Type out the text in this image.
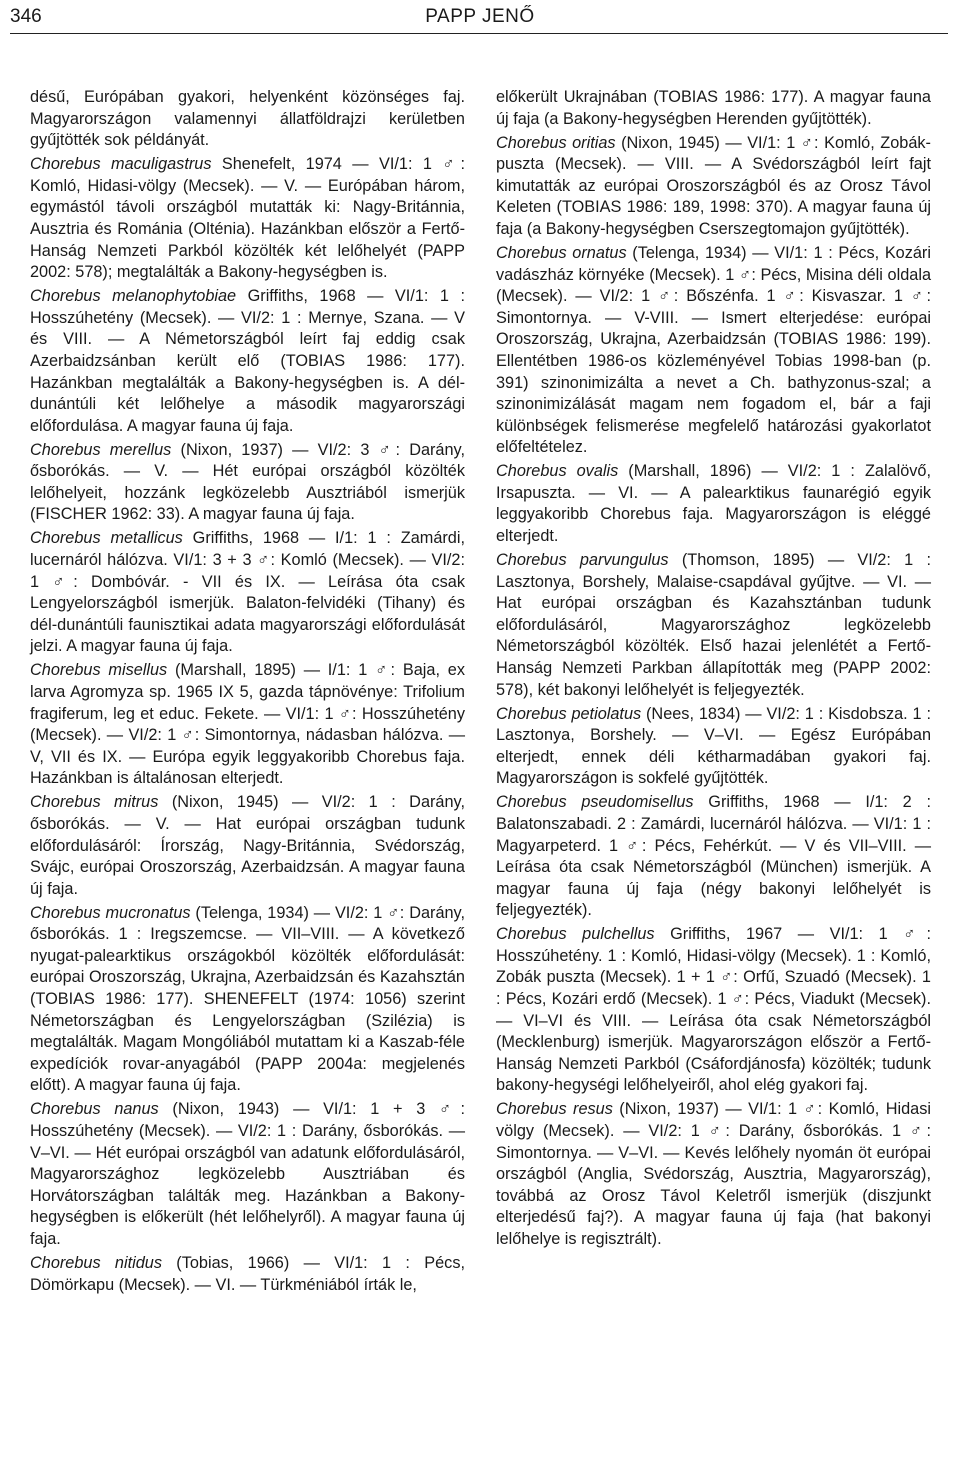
346	PAPP JENŐ

désű, Európában gyakori, helyenként közönséges faj. Magyarországon valamennyi állatföldrajzi kerületben gyűjtötték sok példányát.

Chorebus maculigastrus Shenefelt, 1974 — VI/1: 1 ♂: Komló, Hidasi-völgy (Mecsek). — V. — Európában három, egymástól távoli országból mutatták ki: Nagy-Británnia, Ausztria és Románia (Olténia). Hazánkban először a Fertő-Hanság Nemzeti Parkból közölték két lelőhelyét (PAPP 2002: 578); megtalálták a Bakony-hegységben is.

Chorebus melanophytobiae Griffiths, 1968 — VI/1: 1 : Hosszúhetény (Mecsek). — VI/2: 1 : Mernye, Szana. — V és VIII. — A Németországból leírt faj eddig csak Azerbaidzsánban került elő (TOBIAS 1986: 177). Hazánkban megtalálták a Bakony-hegységben is. A dél-dunántúli két lelőhelye a második magyarországi előfordulása. A magyar fauna új faja.

Chorebus merellus (Nixon, 1937) — VI/2: 3 ♂: Darány, ősborókás. — V. — Hét európai országból közölték lelőhelyeit, hozzánk legközelebb Ausztriából ismerjük (FISCHER 1962: 33). A magyar fauna új faja.

Chorebus metallicus Griffiths, 1968 — I/1: 1 : Zamárdi, lucernáról hálózva. VI/1: 3 + 3 ♂: Komló (Mecsek). — VI/2: 1 ♂: Dombóvár. - VII és IX. — Leírása óta csak Lengyelországból ismerjük. Balaton-felvidéki (Tihany) és dél-dunántúli faunisztikai adata magyarországi előfordulását jelzi. A magyar fauna új faja.

Chorebus misellus (Marshall, 1895) — I/1: 1 ♂: Baja, ex larva Agromyza sp. 1965 IX 5, gazda tápnövénye: Trifolium fragiferum, leg et educ. Fekete. — VI/1: 1 ♂: Hosszúhetény (Mecsek). — VI/2: 1 ♂: Simontornya, nádasban hálózva. — V, VII és IX. — Európa egyik leggyakoribb Chorebus faja. Hazánkban is általánosan elterjedt.

Chorebus mitrus (Nixon, 1945) — VI/2: 1 : Darány, ősborókás. — V. — Hat európai országban tudunk előfordulásáról: Írország, Nagy-Británnia, Svédország, Svájc, európai Oroszország, Azerbaidzsán. A magyar fauna új faja.

Chorebus mucronatus (Telenga, 1934) — VI/2: 1 ♂: Darány, ősborókás. 1 : Iregszemcse. — VII–VIII. — A következő nyugat-palearktikus országokból közölték előfordulását: európai Oroszország, Ukrajna, Azerbaidzsán és Kazahsztán (TOBIAS 1986: 177). SHENEFELT (1974: 1056) szerint Németországban és Lengyelországban (Szilézia) is megtalálták. Magam Mongóliából mutattam ki a Kaszab-féle expedíciók rovar-anyagából (PAPP 2004a: megjelenés előtt). A magyar fauna új faja.

Chorebus nanus (Nixon, 1943) — VI/1: 1 + 3 ♂: Hosszúhetény (Mecsek). — VI/2: 1 : Darány, ősborókás. — V–VI. — Hét európai országból van adatunk előfordulásáról, Magyarországhoz legközelebb Ausztriában és Horvátországban találták meg. Hazánkban a Bakony-hegységben is előkerült (hét lelőhelyről). A magyar fauna új faja.

Chorebus nitidus (Tobias, 1966) — VI/1: 1 : Pécs, Dömörkapu (Mecsek). — VI. — Türkméniából írták le,

előkerült Ukrajnában (TOBIAS 1986: 177). A magyar fauna új faja (a Bakony-hegységben Herenden gyűjtötték).

Chorebus oritias (Nixon, 1945) — VI/1: 1 ♂: Komló, Zobák-puszta (Mecsek). — VIII. — A Svédországból leírt fajt kimutatták az európai Oroszországból és az Orosz Távol Keleten (TOBIAS 1986: 189, 1998: 370). A magyar fauna új faja (a Bakony-hegységben Cserszegtomajon gyűjtötték).

Chorebus ornatus (Telenga, 1934) — VI/1: 1 : Pécs, Kozári vadászház környéke (Mecsek). 1 ♂: Pécs, Misina déli oldala (Mecsek). — VI/2: 1 ♂: Bőszénfa. 1 ♂: Kisvaszar. 1 ♂: Simontornya. — V-VIII. — Ismert elterjedése: európai Oroszország, Ukrajna, Azerbaidzsán (TOBIAS 1986: 199). Ellentétben 1986-os közleményével Tobias 1998-ban (p. 391) szinonimizálta a nevet a Ch. bathyzonus-szal; a szinonimizálását magam nem fogadom el, bár a faji különbségek felismerése megfelelő határozási gyakorlatot előfeltételez.

Chorebus ovalis (Marshall, 1896) — VI/2: 1 : Zalalövő, Irsapuszta. — VI. — A palearktikus faunarégió egyik leggyakoribb Chorebus faja. Magyarországon is eléggé elterjedt.

Chorebus parvungulus (Thomson, 1895) — VI/2: 1 : Lasztonya, Borshely, Malaise-csapdával gyűjtve. — VI. — Hat európai országban és Kazahsztánban tudunk előfordulásáról, Magyarországhoz legközelebb Németországból közölték. Első hazai jelenlétét a Fertő-Hanság Nemzeti Parkban állapították meg (PAPP 2002: 578), két bakonyi lelőhelyét is feljegyezték.

Chorebus petiolatus (Nees, 1834) — VI/2: 1 : Kisdobsza. 1 : Lasztonya, Borshely. — V–VI. — Egész Európában elterjedt, ennek déli kétharmadában gyakori faj. Magyarországon is sokfelé gyűjtötték.

Chorebus pseudomisellus Griffiths, 1968 — I/1: 2 : Balatonszabadi. 2 : Zamárdi, lucernáról hálózva. — VI/1: 1 : Magyarpeterd. 1 ♂: Pécs, Fehérkút. — V és VII–VIII. — Leírása óta csak Németországból (München) ismerjük. A magyar fauna új faja (négy bakonyi lelőhelyét is feljegyezték).

Chorebus pulchellus Griffiths, 1967 — VI/1: 1 ♂: Hosszúhetény. 1 : Komló, Hidasi-völgy (Mecsek). 1 : Komló, Zobák puszta (Mecsek). 1 + 1 ♂: Orfű, Szuadó (Mecsek). 1 : Pécs, Kozári erdő (Mecsek). 1 ♂: Pécs, Viadukt (Mecsek). — VI–VI és VIII. — Leírása óta csak Németországból (Mecklenburg) ismerjük. Magyarországon először a Fertő-Hanság Nemzeti Parkból (Csáfordjánosfa) közölték; tudunk bakony-hegységi lelőhelyeiről, ahol elég gyakori faj.

Chorebus resus (Nixon, 1937) — VI/1: 1 ♂: Komló, Hidasi völgy (Mecsek). — VI/2: 1 ♂: Darány, ősborókás. 1 ♂: Simontornya. — V–VI. — Kevés lelőhely nyomán öt európai országból (Anglia, Svédország, Ausztria, Magyarország), továbbá az Orosz Távol Keletről ismerjük (diszjunkt elterjedésű faj?). A magyar fauna új faja (hat bakonyi lelőhelye is regisztrált).
